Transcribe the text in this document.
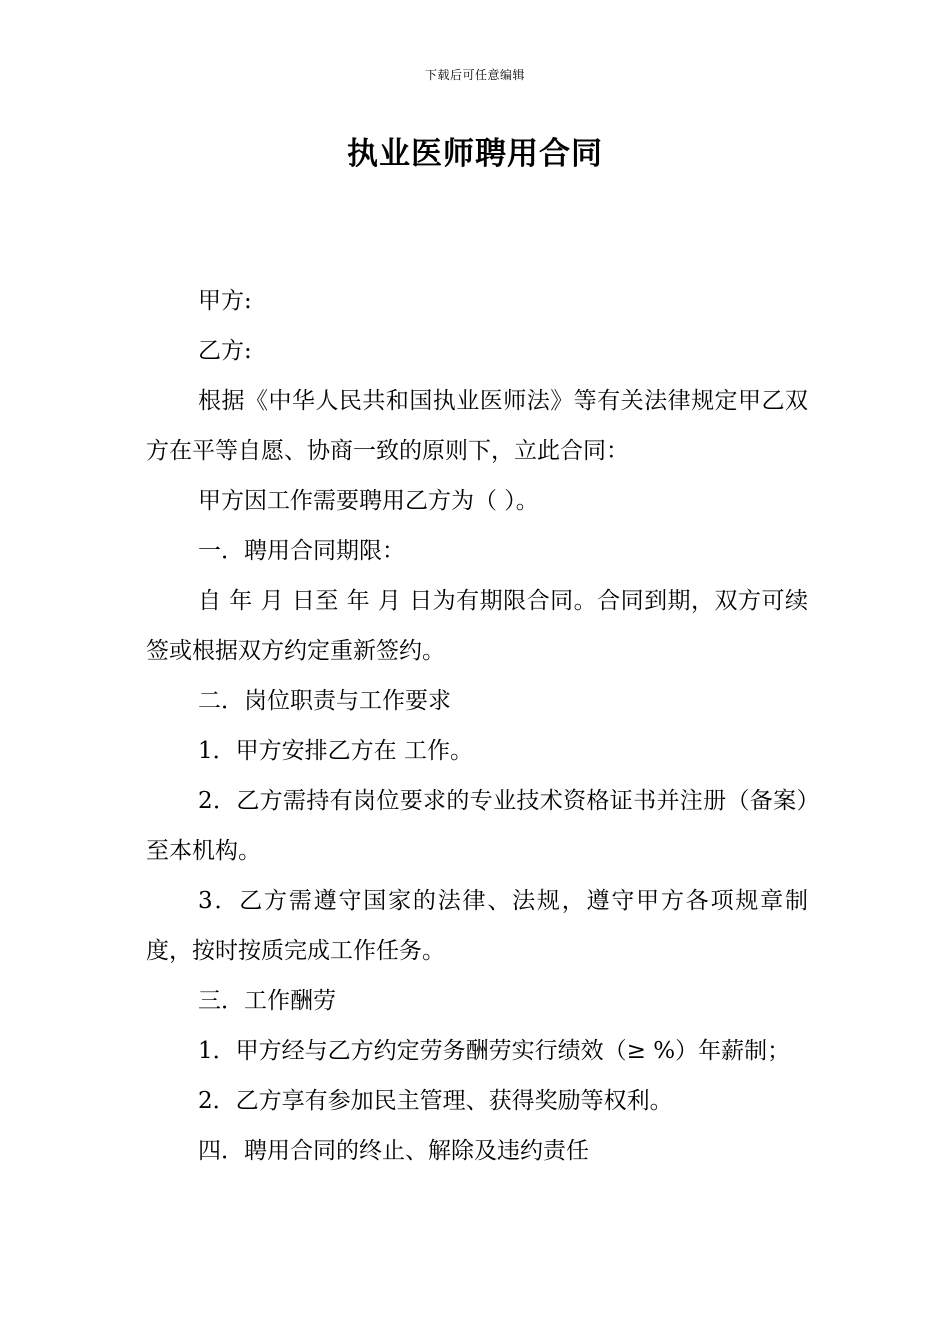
下载后可任意编辑
执业医师聘用合同

甲方:

乙方:

根据《中华人民共和国执业医师法》等有关法律规定甲乙双方在平等自愿、协商一致的原则下，立此合同：

甲方因工作需要聘用乙方为（ ）。

一．聘用合同期限：

自 年 月 日至 年 月 日为有期限合同。合同到期，双方可续签或根据双方约定重新签约。

二．岗位职责与工作要求

1．甲方安排乙方在 工作。

2．乙方需持有岗位要求的专业技术资格证书并注册（备案）至本机构。

3．乙方需遵守国家的法律、法规，遵守甲方各项规章制度，按时按质完成工作任务。

三．工作酬劳

1．甲方经与乙方约定劳务酬劳实行绩效（≥ %）年薪制；

2．乙方享有参加民主管理、获得奖励等权利。

四．聘用合同的终止、解除及违约责任
